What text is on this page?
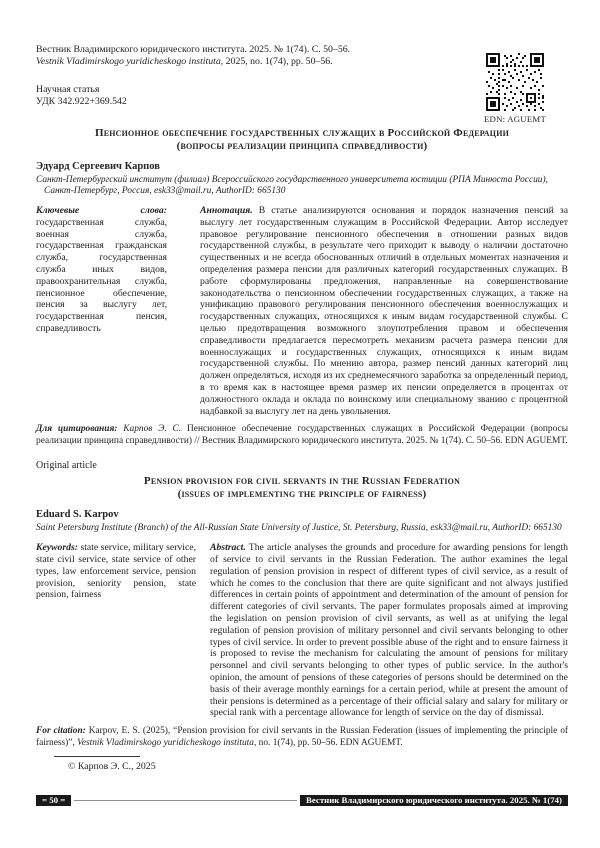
Вестник Владимирского юридического института. 2025. № 1(74). С. 50–56.
Vestnik Vladimirskogo yuridicheskogo instituta, 2025, no. 1(74), pp. 50–56.
Научная статья
УДК 342.922+369.542
EDN: AGUEMT
Пенсионное обеспечение государственных служащих в Российской Федерации
(вопросы реализации принципа справедливости)
Эдуард Сергеевич Карпов
Санкт-Петербургский институт (филиал) Всероссийского государственного университета юстиции (РПА Минюста России), Санкт-Петербург, Россия, esk33@mail.ru, AuthorID: 665130
Ключевые слова: государственная служба, военная служба, государственная гражданская служба, государственная служба иных видов, правоохранительная служба, пенсионное обеспечение, пенсия за выслугу лет, государственная пенсия, справедливость
Аннотация. В статье анализируются основания и порядок назначения пенсий за выслугу лет государственным служащим в Российской Федерации. Автор исследует правовое регулирование пенсионного обеспечения в отношении разных видов государственной службы, в результате чего приходит к выводу о наличии достаточно существенных и не всегда обоснованных отличий в отдельных моментах назначения и определения размера пенсии для различных категорий государственных служащих. В работе сформулированы предложения, направленные на совершенствование законодательства о пенсионном обеспечении государственных служащих, а также на унификацию правового регулирования пенсионного обеспечения военнослужащих и государственных служащих, относящихся к иным видам государственной службы. С целью предотвращения возможного злоупотребления правом и обеспечения справедливости предлагается пересмотреть механизм расчета размера пенсии для военнослужащих и государственных служащих, относящихся к иным видам государственной службы. По мнению автора, размер пенсий данных категорий лиц должен определяться, исходя из их среднемесячного заработка за определенный период, в то время как в настоящее время размер их пенсии определяется в процентах от должностного оклада и оклада по воинскому или специальному званию с процентной надбавкой за выслугу лет на день увольнения.

Для цитирования: Карпов Э. С. Пенсионное обеспечение государственных служащих в Российской Федерации (вопросы реализации принципа справедливости) // Вестник Владимирского юридического института. 2025. № 1(74). С. 50–56. EDN AGUEMT.

Original article
Pension provision for civil servants in the Russian Federation
(issues of implementing the principle of fairness)
Eduard S. Karpov
Saint Petersburg Institute (Branch) of the All-Russian State University of Justice, St. Petersburg, Russia, esk33@mail.ru, AuthorID: 665130
Keywords: state service, military service, state civil service, state service of other types, law enforcement service, pension provision, seniority pension, state pension, fairness
Abstract. The article analyses the grounds and procedure for awarding pensions for length of service to civil servants in the Russian Federation. The author examines the legal regulation of pension provision in respect of different types of civil service, as a result of which he comes to the conclusion that there are quite significant and not always justified differences in certain points of appointment and determination of the amount of pension for different categories of civil servants. The paper formulates proposals aimed at improving the legislation on pension provision of civil servants, as well as at unifying the legal regulation of pension provision of military personnel and civil servants belonging to other types of civil service. In order to prevent possible abuse of the right and to ensure fairness it is proposed to revise the mechanism for calculating the amount of pensions for military personnel and civil servants belonging to other types of public service. In the author's opinion, the amount of pensions of these categories of persons should be determined on the basis of their average monthly earnings for a certain period, while at present the amount of their pensions is determined as a percentage of their official salary and salary for military or special rank with a percentage allowance for length of service on the day of dismissal.

For citation: Karpov, E. S. (2025), “Pension provision for civil servants in the Russian Federation (issues of implementing the principle of fairness)”, Vestnik Vladimirskogo yuridicheskogo instituta, no. 1(74), pp. 50–56. EDN AGUEMT.

© Карпов Э. С., 2025
= 50 =	Вестник Владимирского юридического института. 2025. № 1(74)
